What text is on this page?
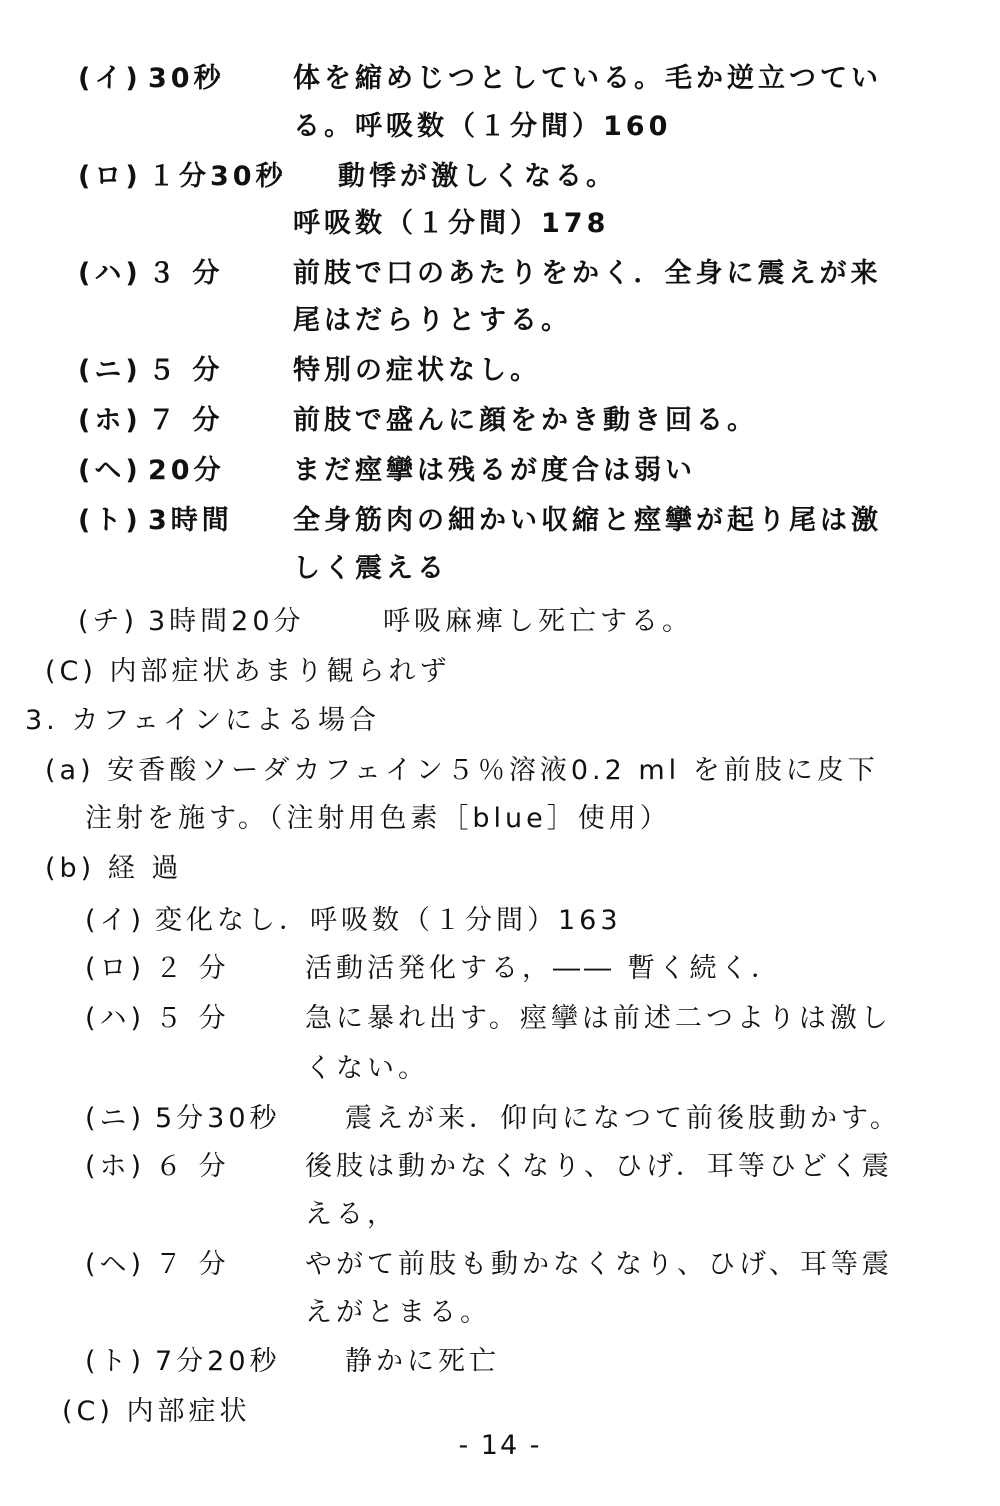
(イ) 30秒	体を縮めじつとしている。毛か逆立つてい
る。呼吸数（１分間）160
(ロ) １分30秒 動悸が激しくなる。
呼吸数（１分間）178
(ハ) ３ 分	前肢で口のあたりをかく．全身に震えが来
尾はだらりとする。
(ニ) ５ 分	特別の症状なし。
(ホ) ７ 分	前肢で盛んに顔をかき動き回る。
(ヘ) 20分	まだ痙攣は残るが度合は弱い
(ト) 3時間 全身筋肉の細かい収縮と痙攣が起り尾は激
しく震える
(チ) 3時間20分	呼吸麻痺し死亡する。
(C) 内部症状あまり観られず
3. カフェインによる場合
(a) 安香酸ソーダカフェイン５％溶液0.2 ml を前肢に皮下
注射を施す。（注射用色素［blue］使用）
(b) 経 過
(イ) 変化なし．呼吸数（１分間）163
(ロ) ２ 分	活動活発化する，―― 暫く続く．
(ハ) ５ 分	急に暴れ出す。痙攣は前述二つよりは激し
くない。
(ニ) 5分30秒 震えが来．仰向になつて前後肢動かす。
(ホ) ６ 分	後肢は動かなくなり、ひげ．耳等ひどく震
える，
(ヘ) ７ 分	やがて前肢も動かなくなり、ひげ、耳等震
えがとまる。
(ト) 7分20秒 静かに死亡
(C) 内部症状
- 14 -
